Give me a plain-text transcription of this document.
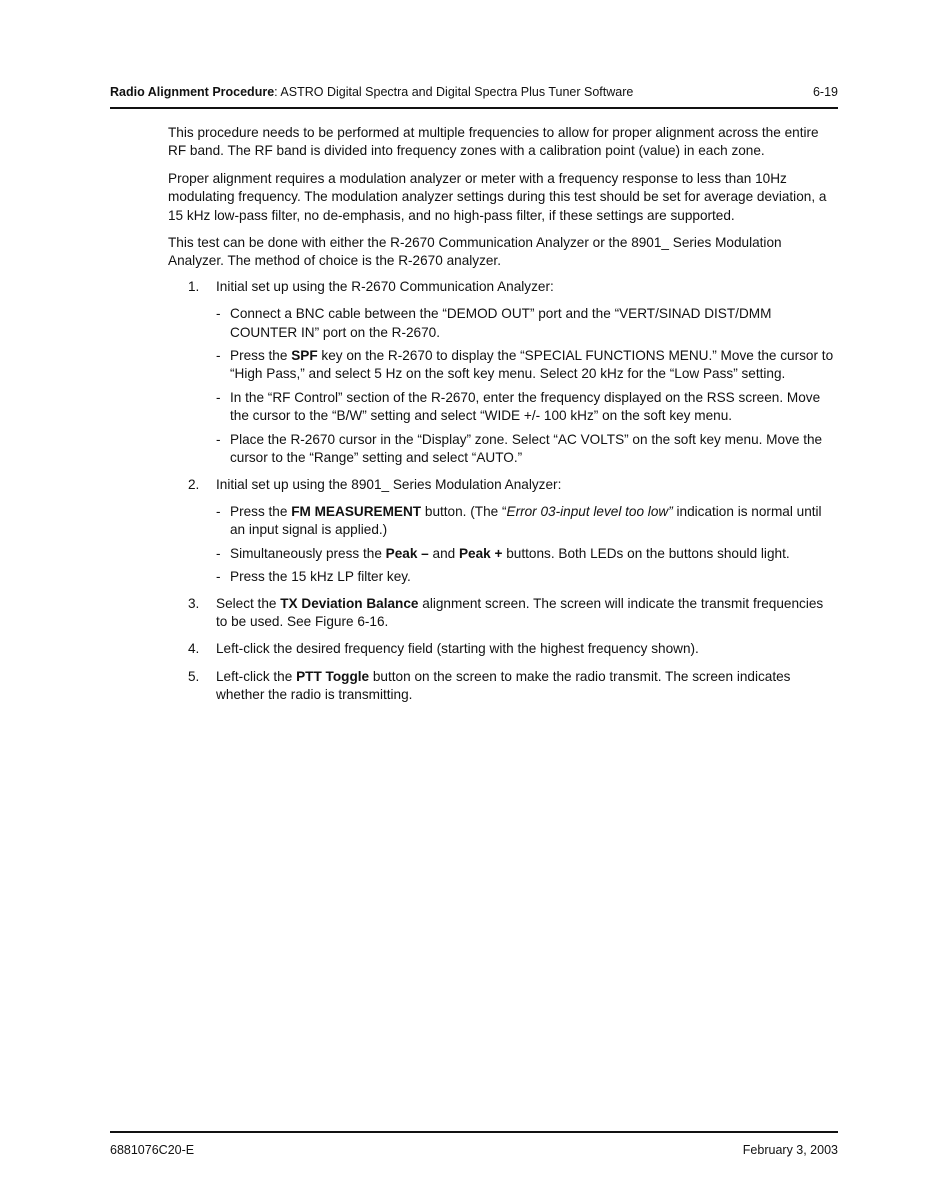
Radio Alignment Procedure: ASTRO Digital Spectra and Digital Spectra Plus Tuner Software	6-19

This procedure needs to be performed at multiple frequencies to allow for proper alignment across the entire RF band. The RF band is divided into frequency zones with a calibration point (value) in each zone.

Proper alignment requires a modulation analyzer or meter with a frequency response to less than 10Hz modulating frequency. The modulation analyzer settings during this test should be set for average deviation, a 15 kHz low-pass filter, no de-emphasis, and no high-pass filter, if these settings are supported.

This test can be done with either the R-2670 Communication Analyzer or the 8901_ Series Modulation Analyzer. The method of choice is the R-2670 analyzer.

1. Initial set up using the R-2670 Communication Analyzer:

- Connect a BNC cable between the “DEMOD OUT” port and the “VERT/SINAD DIST/DMM COUNTER IN” port on the R-2670.
- Press the SPF key on the R-2670 to display the “SPECIAL FUNCTIONS MENU.” Move the cursor to “High Pass,” and select 5 Hz on the soft key menu. Select 20 kHz for the “Low Pass” setting.
- In the “RF Control” section of the R-2670, enter the frequency displayed on the RSS screen. Move the cursor to the “B/W” setting and select “WIDE +/- 100 kHz” on the soft key menu.
- Place the R-2670 cursor in the “Display” zone. Select “AC VOLTS” on the soft key menu. Move the cursor to the “Range” setting and select “AUTO.”
2. Initial set up using the 8901_ Series Modulation Analyzer:

- Press the FM MEASUREMENT button. (The “Error 03-input level too low” indication is normal until an input signal is applied.)
- Simultaneously press the Peak – and Peak + buttons. Both LEDs on the buttons should light.
- Press the 15 kHz LP filter key.
3. Select the TX Deviation Balance alignment screen. The screen will indicate the transmit frequencies to be used. See Figure 6-16.

4. Left-click the desired frequency field (starting with the highest frequency shown).

5. Left-click the PTT Toggle button on the screen to make the radio transmit. The screen indicates whether the radio is transmitting.

6881076C20-E	February 3, 2003
